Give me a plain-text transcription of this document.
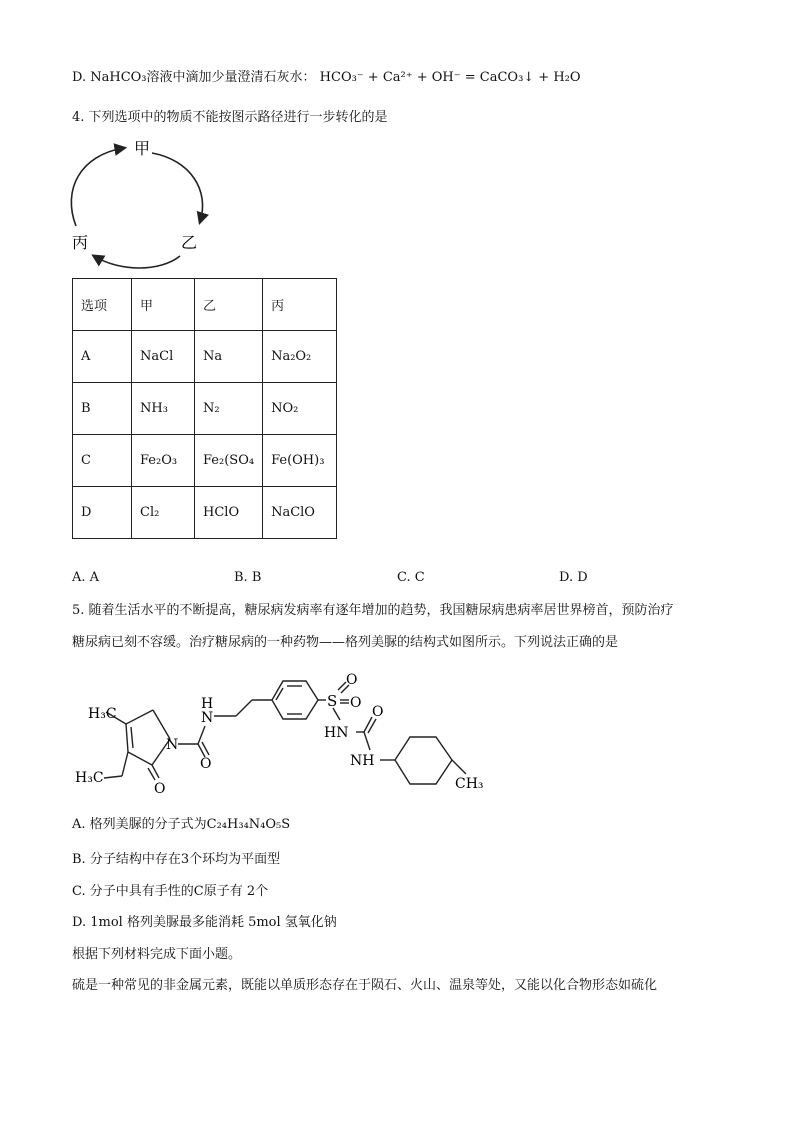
D. NaHCO₃溶液中滴加少量澄清石灰水： HCO₃⁻ + Ca²⁺ + OH⁻ = CaCO₃↓ + H₂O
4. 下列选项中的物质不能按图示路径进行一步转化的是
甲
乙
丙
选项	甲	乙	丙
A	NaCl	Na	Na₂O₂
B	NH₃	N₂	NO₂
C	Fe₂O₃	Fe₂(SO₄	Fe(OH)₃
D	Cl₂	HClO	NaClO
A. A	B. B	C. C	D. D
5. 随着生活水平的不断提高，糖尿病发病率有逐年增加的趋势，我国糖尿病患病率居世界榜首，预防治疗
糖尿病已刻不容缓。治疗糖尿病的一种药物——格列美脲的结构式如图所示。下列说法正确的是
H₃C
H₃C
N
O
N
H
O
S
O
O
HN
O
NH
CH₃
A. 格列美脲的分子式为C₂₄H₃₄N₄O₅S
B. 分子结构中存在3个环均为平面型
C. 分子中具有手性的C原子有 2个
D. 1mol 格列美脲最多能消耗 5mol 氢氧化钠
根据下列材料完成下面小题。
硫是一种常见的非金属元素，既能以单质形态存在于陨石、火山、温泉等处，又能以化合物形态如硫化
